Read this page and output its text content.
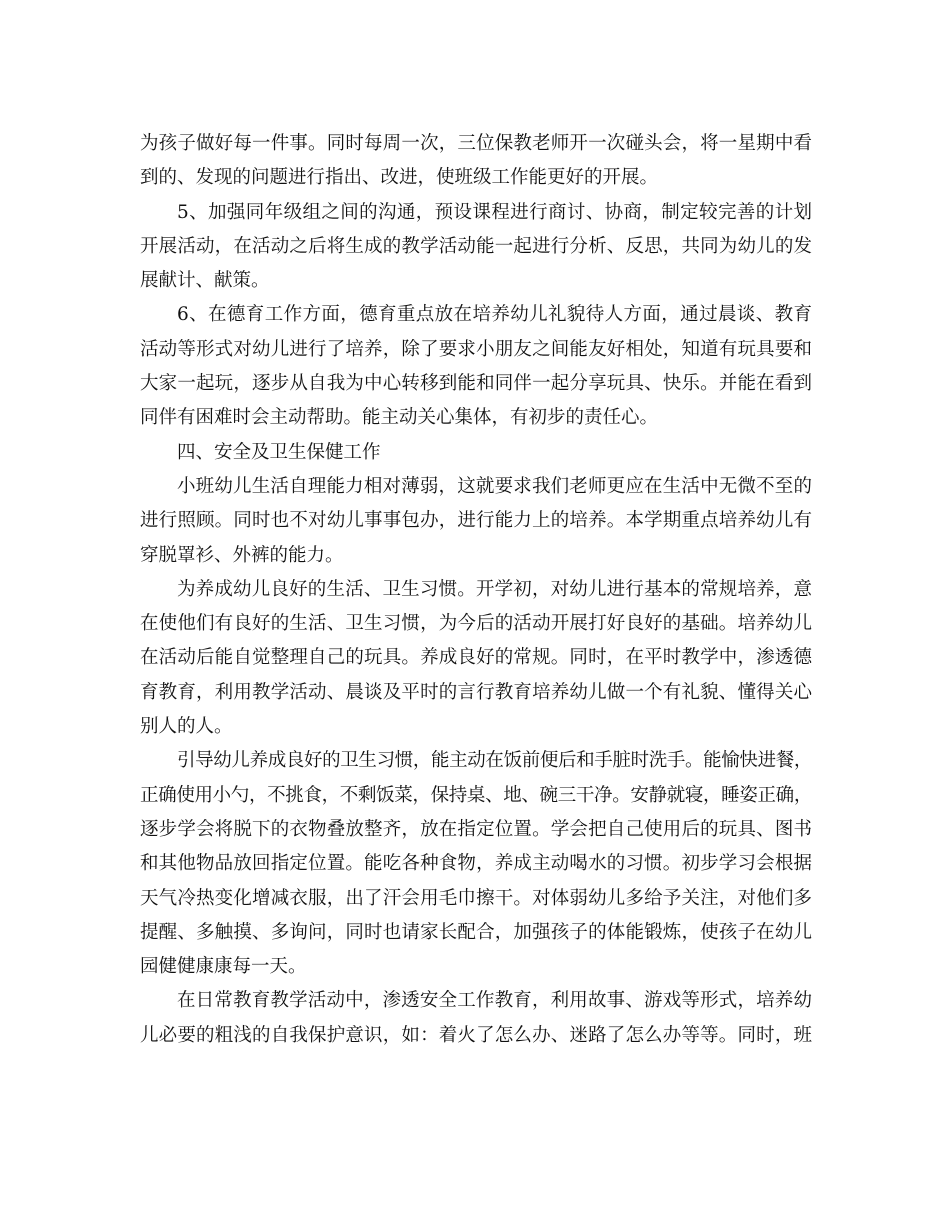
为孩子做好每一件事。同时每周一次，三位保教老师开一次碰头会，将一星期中看
到的、发现的问题进行指出、改进，使班级工作能更好的开展。
5、加强同年级组之间的沟通，预设课程进行商讨、协商，制定较完善的计划
开展活动，在活动之后将生成的教学活动能一起进行分析、反思，共同为幼儿的发
展献计、献策。
6、在德育工作方面，德育重点放在培养幼儿礼貌待人方面，通过晨谈、教育
活动等形式对幼儿进行了培养，除了要求小朋友之间能友好相处，知道有玩具要和
大家一起玩，逐步从自我为中心转移到能和同伴一起分享玩具、快乐。并能在看到
同伴有困难时会主动帮助。能主动关心集体，有初步的责任心。
四、安全及卫生保健工作
小班幼儿生活自理能力相对薄弱，这就要求我们老师更应在生活中无微不至的
进行照顾。同时也不对幼儿事事包办，进行能力上的培养。本学期重点培养幼儿有
穿脱罩衫、外裤的能力。
为养成幼儿良好的生活、卫生习惯。开学初，对幼儿进行基本的常规培养，意
在使他们有良好的生活、卫生习惯，为今后的活动开展打好良好的基础。培养幼儿
在活动后能自觉整理自己的玩具。养成良好的常规。同时，在平时教学中，渗透德
育教育，利用教学活动、晨谈及平时的言行教育培养幼儿做一个有礼貌、懂得关心
别人的人。
引导幼儿养成良好的卫生习惯，能主动在饭前便后和手脏时洗手。能愉快进餐，
正确使用小勺，不挑食，不剩饭菜，保持桌、地、碗三干净。安静就寝，睡姿正确，
逐步学会将脱下的衣物叠放整齐，放在指定位置。学会把自己使用后的玩具、图书
和其他物品放回指定位置。能吃各种食物，养成主动喝水的习惯。初步学习会根据
天气冷热变化增减衣服，出了汗会用毛巾擦干。对体弱幼儿多给予关注，对他们多
提醒、多触摸、多询问，同时也请家长配合，加强孩子的体能锻炼，使孩子在幼儿
园健健康康每一天。
在日常教育教学活动中，渗透安全工作教育，利用故事、游戏等形式，培养幼
儿必要的粗浅的自我保护意识，如：着火了怎么办、迷路了怎么办等等。同时，班
